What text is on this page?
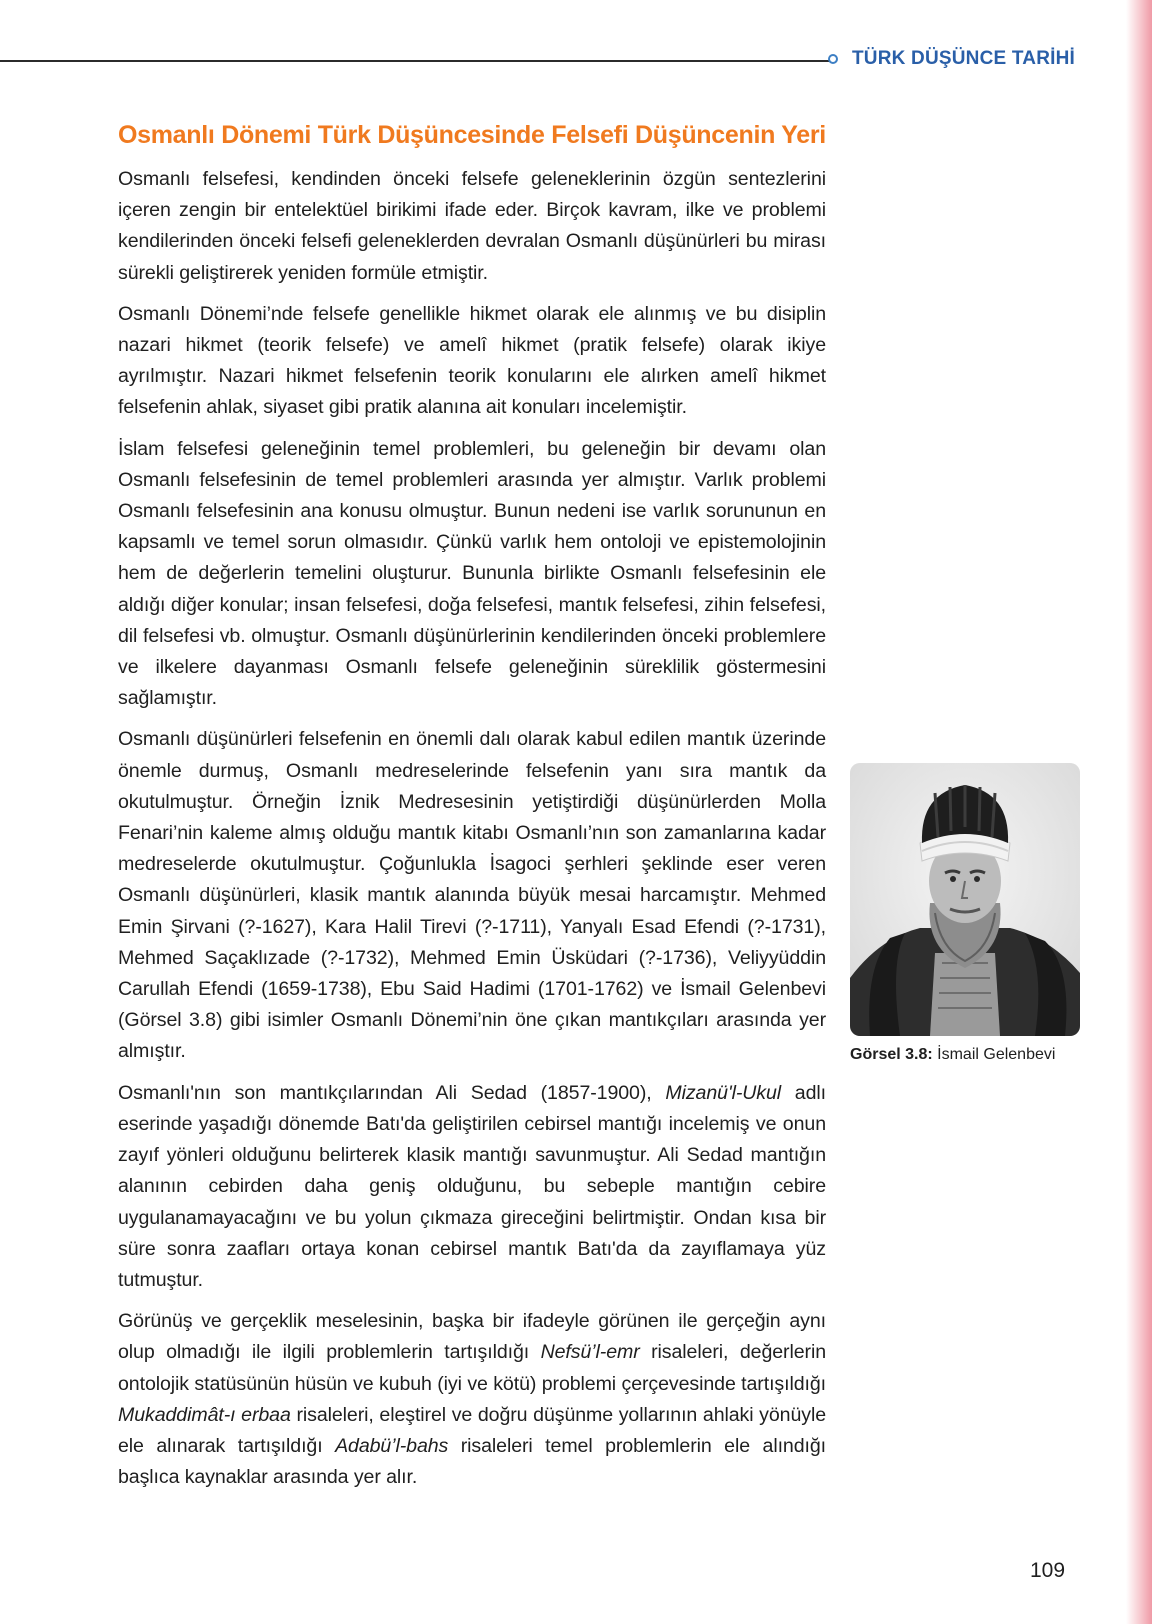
TÜRK DÜŞÜNCE TARİHİ
Osmanlı Dönemi Türk Düşüncesinde Felsefi Düşüncenin Yeri

Osmanlı felsefesi, kendinden önceki felsefe geleneklerinin özgün sentezlerini içeren zengin bir entelektüel birikimi ifade eder. Birçok kavram, ilke ve problemi kendilerinden önceki felsefi geleneklerden devralan Osmanlı düşünürleri bu mirası sürekli geliştirerek yeniden formüle etmiştir.

Osmanlı Dönemi’nde felsefe genellikle hikmet olarak ele alınmış ve bu disiplin nazari hikmet (teorik felsefe) ve amelî hikmet (pratik felsefe) olarak ikiye ayrılmıştır. Nazari hikmet felsefenin teorik konularını ele alırken amelî hikmet felsefenin ahlak, siyaset gibi pratik alanına ait konuları incelemiştir.

İslam felsefesi geleneğinin temel problemleri, bu geleneğin bir devamı olan Osmanlı felsefesinin de temel problemleri arasında yer almıştır. Varlık problemi Osmanlı felsefesinin ana konusu olmuştur. Bunun nedeni ise varlık sorununun en kapsamlı ve temel sorun olmasıdır. Çünkü varlık hem ontoloji ve epistemolojinin hem de değerlerin temelini oluşturur. Bununla birlikte Osmanlı felsefesinin ele aldığı diğer konular; insan felsefesi, doğa felsefesi, mantık felsefesi, zihin felsefesi, dil felsefesi vb. olmuştur. Osmanlı düşünürlerinin kendilerinden önceki problemlere ve ilkelere dayanması Osmanlı felsefe geleneğinin süreklilik göstermesini sağlamıştır.

Osmanlı düşünürleri felsefenin en önemli dalı olarak kabul edilen mantık üzerinde önemle durmuş, Osmanlı medreselerinde felsefenin yanı sıra mantık da okutulmuştur. Örneğin İznik Medresesinin yetiştirdiği düşünürlerden Molla Fenari’nin kaleme almış olduğu mantık kitabı Osmanlı’nın son zamanlarına kadar medreselerde okutulmuştur. Çoğunlukla İsagoci şerhleri şeklinde eser veren Osmanlı düşünürleri, klasik mantık alanında büyük mesai harcamıştır. Mehmed Emin Şirvani (?-1627), Kara Halil Tirevi (?-1711), Yanyalı Esad Efendi (?-1731), Mehmed Saçaklızade (?-1732), Mehmed Emin Üsküdari (?-1736), Veliyyüddin Carullah Efendi (1659-1738), Ebu Said Hadimi (1701-1762) ve İsmail Gelenbevi (Görsel 3.8) gibi isimler Osmanlı Dönemi’nin öne çıkan mantıkçıları arasında yer almıştır.

Osmanlı'nın son mantıkçılarından Ali Sedad (1857-1900), Mizanü'l-Ukul adlı eserinde yaşadığı dönemde Batı'da geliştirilen cebirsel mantığı incelemiş ve onun zayıf yönleri olduğunu belirterek klasik mantığı savunmuştur. Ali Sedad mantığın alanının cebirden daha geniş olduğunu, bu sebeple mantığın cebire uygulanamayacağını ve bu yolun çıkmaza gireceğini belirtmiştir. Ondan kısa bir süre sonra zaafları ortaya konan cebirsel mantık Batı'da da zayıflamaya yüz tutmuştur.

Görünüş ve gerçeklik meselesinin, başka bir ifadeyle görünen ile gerçeğin aynı olup olmadığı ile ilgili problemlerin tartışıldığı Nefsü’l-emr risaleleri, değerlerin ontolojik statüsünün hüsün ve kubuh (iyi ve kötü) problemi çerçevesinde tartışıldığı Mukaddimât-ı erbaa risaleleri, eleştirel ve doğru düşünme yollarının ahlaki yönüyle ele alınarak tartışıldığı Adabü’l-bahs risaleleri temel problemlerin ele alındığı başlıca kaynaklar arasında yer alır.

Görsel 3.8: İsmail Gelenbevi
109
